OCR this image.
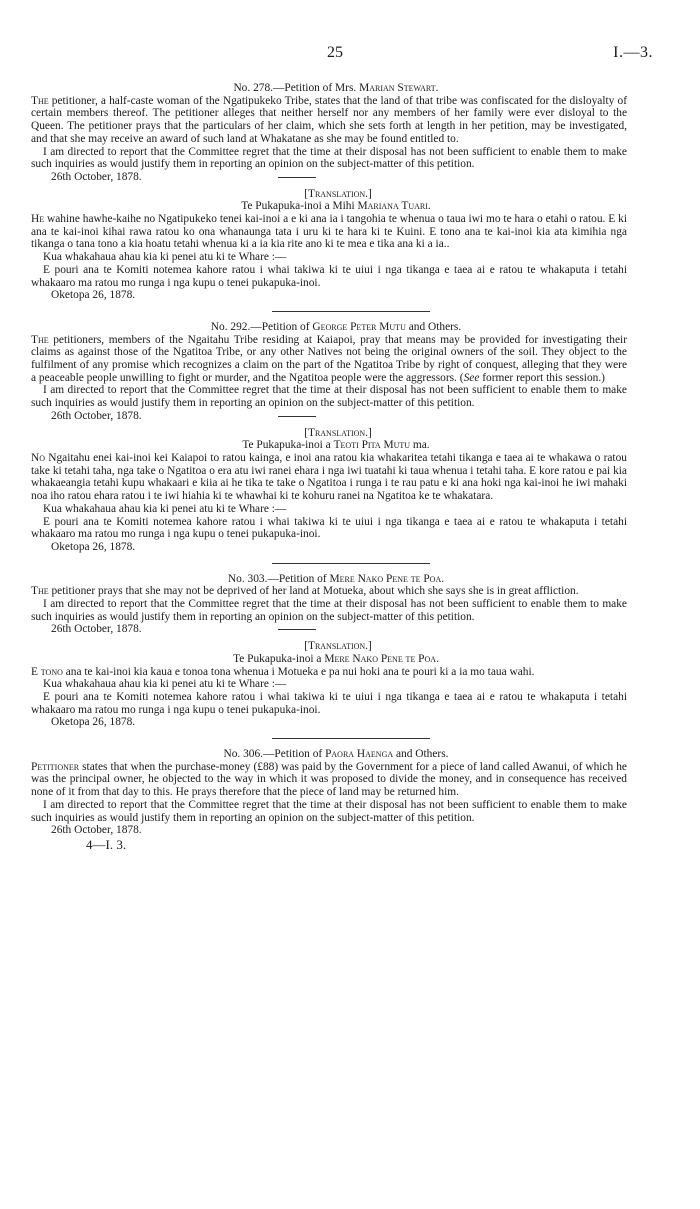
25	I.—3.

No. 278.—Petition of Mrs. Marian Stewart.

The petitioner, a half-caste woman of the Ngatipukeko Tribe, states that the land of that tribe was confiscated for the disloyalty of certain members thereof. The petitioner alleges that neither herself nor any members of her family were ever disloyal to the Queen. The petitioner prays that the particulars of her claim, which she sets forth at length in her petition, may be investigated, and that she may receive an award of such land at Whakatane as she may be found entitled to.

I am directed to report that the Committee regret that the time at their disposal has not been sufficient to enable them to make such inquiries as would justify them in reporting an opinion on the subject-matter of this petition.

26th October, 1878.

[Translation.]

Te Pukapuka-inoi a Mihi Mariana Tuari.

He wahine hawhe-kaihe no Ngatipukeko tenei kai-inoi a e ki ana ia i tangohia te whenua o taua iwi mo te hara o etahi o ratou. E ki ana te kai-inoi kihai rawa ratou ko ona whanaunga tata i uru ki te hara ki te Kuini. E tono ana te kai-inoi kia ata kimihia nga tikanga o tana tono a kia hoatu tetahi whenua ki a ia kia rite ano ki te mea e tika ana ki a ia..

Kua whakahaua ahau kia ki penei atu ki te Whare :—

E pouri ana te Komiti notemea kahore ratou i whai takiwa ki te uiui i nga tikanga e taea ai e ratou te whakaputa i tetahi whakaaro ma ratou mo runga i nga kupu o tenei pukapuka-inoi.

Oketopa 26, 1878.

No. 292.—Petition of George Peter Mutu and Others.

The petitioners, members of the Ngaitahu Tribe residing at Kaiapoi, pray that means may be provided for investigating their claims as against those of the Ngatitoa Tribe, or any other Natives not being the original owners of the soil. They object to the fulfilment of any promise which recognizes a claim on the part of the Ngatitoa Tribe by right of conquest, alleging that they were a peaceable people unwilling to fight or murder, and the Ngatitoa people were the aggressors. (See former report this session.)

I am directed to report that the Committee regret that the time at their disposal has not been sufficient to enable them to make such inquiries as would justify them in reporting an opinion on the subject-matter of this petition.

26th October, 1878.

[Translation.]

Te Pukapuka-inoi a Teoti Pita Mutu ma.

No Ngaitahu enei kai-inoi kei Kaiapoi to ratou kainga, e inoi ana ratou kia whakaritea tetahi tikanga e taea ai te whakawa o ratou take ki tetahi taha, nga take o Ngatitoa o era atu iwi ranei ehara i nga iwi tuatahi ki taua whenua i tetahi taha. E kore ratou e pai kia whakaeangia tetahi kupu whakaari e kiia ai he tika te take o Ngatitoa i runga i te rau patu e ki ana hoki nga kai-inoi he iwi mahaki noa iho ratou ehara ratou i te iwi hiahia ki te whawhai ki te kohuru ranei na Ngatitoa ke te whakatara.

Kua whakahaua ahau kia ki penei atu ki te Whare :—

E pouri ana te Komiti notemea kahore ratou i whai takiwa ki te uiui i nga tikanga e taea ai e ratou te whakaputa i tetahi whakaaro ma ratou mo runga i nga kupu o tenei pukapuka-inoi.

Oketopa 26, 1878.

No. 303.—Petition of Mere Nako Pene te Poa.

The petitioner prays that she may not be deprived of her land at Motueka, about which she says she is in great affliction.

I am directed to report that the Committee regret that the time at their disposal has not been sufficient to enable them to make such inquiries as would justify them in reporting an opinion on the subject-matter of this petition.

26th October, 1878.

[Translation.]

Te Pukapuka-inoi a Mere Nako Pene te Poa.

E tono ana te kai-inoi kia kaua e tonoa tona whenua i Motueka e pa nui hoki ana te pouri ki a ia mo taua wahi.

Kua whakahaua ahau kia ki penei atu ki te Whare :—

E pouri ana te Komiti notemea kahore ratou i whai takiwa ki te uiui i nga tikanga e taea ai e ratou te whakaputa i tetahi whakaaro ma ratou mo runga i nga kupu o tenei pukapuka-inoi.

Oketopa 26, 1878.

No. 306.—Petition of Paora Haenga and Others.

Petitioner states that when the purchase-money (£88) was paid by the Government for a piece of land called Awanui, of which he was the principal owner, he objected to the way in which it was proposed to divide the money, and in consequence has received none of it from that day to this. He prays therefore that the piece of land may be returned him.

I am directed to report that the Committee regret that the time at their disposal has not been sufficient to enable them to make such inquiries as would justify them in reporting an opinion on the subject-matter of this petition.

26th October, 1878.

4—I. 3.
